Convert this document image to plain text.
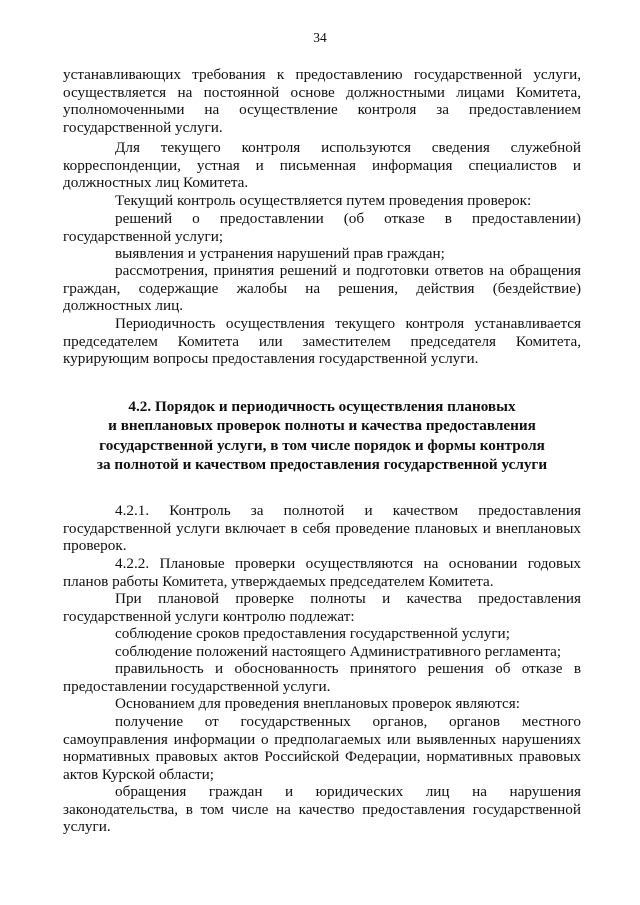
34
устанавливающих требования к предоставлению государственной услуги, осуществляется на постоянной основе должностными лицами Комитета, уполномоченными на осуществление контроля за предоставлением государственной услуги.
Для текущего контроля используются сведения служебной корреспонденции, устная и письменная информация специалистов и должностных лиц Комитета.
Текущий контроль осуществляется путем проведения проверок:
решений о предоставлении (об отказе в предоставлении) государственной услуги;
выявления и устранения нарушений прав граждан;
рассмотрения, принятия решений и подготовки ответов на обращения граждан, содержащие жалобы на решения, действия (бездействие) должностных лиц.
Периодичность осуществления текущего контроля устанавливается председателем Комитета или заместителем председателя Комитета, курирующим вопросы предоставления государственной услуги.
4.2. Порядок и периодичность осуществления плановых
и внеплановых проверок полноты и качества предоставления
государственной услуги, в том числе порядок и формы контроля
за полнотой и качеством предоставления государственной услуги
4.2.1. Контроль за полнотой и качеством предоставления государственной услуги включает в себя проведение плановых и внеплановых проверок.
4.2.2. Плановые проверки осуществляются на основании годовых планов работы Комитета, утверждаемых председателем Комитета.
При плановой проверке полноты и качества предоставления государственной услуги контролю подлежат:
соблюдение сроков предоставления государственной услуги;
соблюдение положений настоящего Административного регламента;
правильность и обоснованность принятого решения об отказе в предоставлении государственной услуги.
Основанием для проведения внеплановых проверок являются:
получение от государственных органов, органов местного самоуправления информации о предполагаемых или выявленных нарушениях нормативных правовых актов Российской Федерации, нормативных правовых актов Курской области;
обращения граждан и юридических лиц на нарушения законодательства, в том числе на качество предоставления государственной услуги.
